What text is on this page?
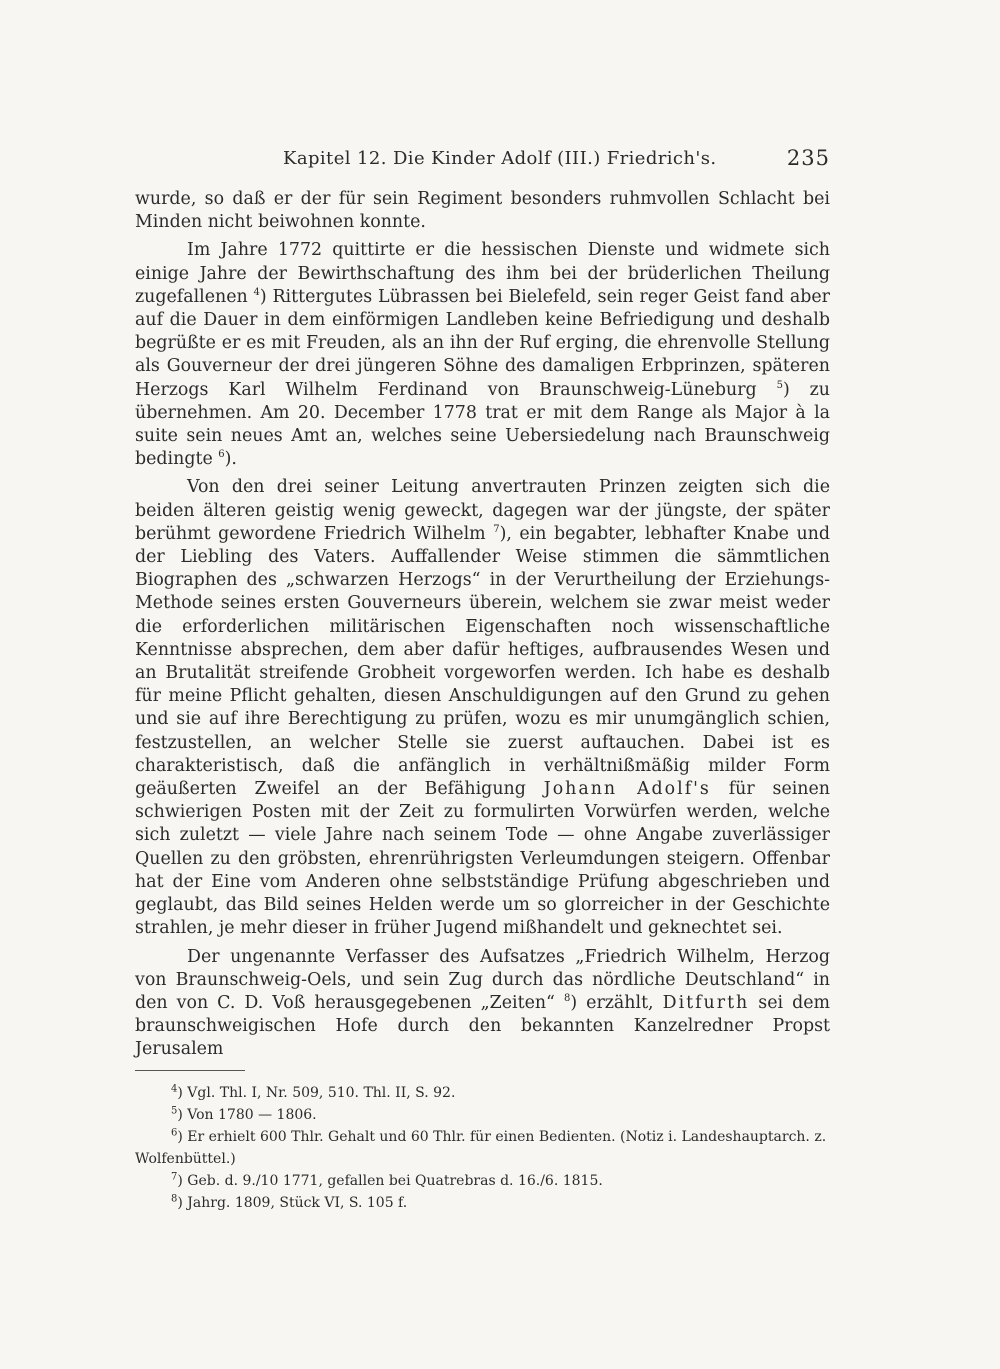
Kapitel 12. Die Kinder Adolf (III.) Friedrich's.	235

wurde, so daß er der für sein Regiment besonders ruhmvollen Schlacht bei Minden nicht beiwohnen konnte.

Im Jahre 1772 quittirte er die hessischen Dienste und widmete sich einige Jahre der Bewirthschaftung des ihm bei der brüderlichen Theilung zugefallenen $^4$) Rittergutes Lübrassen bei Bielefeld, sein reger Geist fand aber auf die Dauer in dem einförmigen Landleben keine Befriedigung und deshalb begrüßte er es mit Freuden, als an ihn der Ruf erging, die ehrenvolle Stellung als Gouverneur der drei jüngeren Söhne des damaligen Erbprinzen, späteren Herzogs Karl Wilhelm Ferdinand von Braunschweig-Lüneburg $^5$) zu übernehmen. Am 20. December 1778 trat er mit dem Range als Major à la suite sein neues Amt an, welches seine Uebersiedelung nach Braunschweig bedingte $^6$).

Von den drei seiner Leitung anvertrauten Prinzen zeigten sich die beiden älteren geistig wenig geweckt, dagegen war der jüngste, der später berühmt gewordene Friedrich Wilhelm $^7$), ein begabter, lebhafter Knabe und der Liebling des Vaters. Auffallender Weise stimmen die sämmtlichen Biographen des „schwarzen Herzogs“ in der Verurtheilung der Erziehungs-Methode seines ersten Gouverneurs überein, welchem sie zwar meist weder die erforderlichen militärischen Eigenschaften noch wissenschaftliche Kenntnisse absprechen, dem aber dafür heftiges, aufbrausendes Wesen und an Brutalität streifende Grobheit vorgeworfen werden. Ich habe es deshalb für meine Pflicht gehalten, diesen Anschuldigungen auf den Grund zu gehen und sie auf ihre Berechtigung zu prüfen, wozu es mir unumgänglich schien, festzustellen, an welcher Stelle sie zuerst auftauchen. Dabei ist es charakteristisch, daß die anfänglich in verhältnißmäßig milder Form geäußerten Zweifel an der Befähigung Johann Adolf's für seinen schwierigen Posten mit der Zeit zu formulirten Vorwürfen werden, welche sich zuletzt — viele Jahre nach seinem Tode — ohne Angabe zuverlässiger Quellen zu den gröbsten, ehrenrührigsten Verleumdungen steigern. Offenbar hat der Eine vom Anderen ohne selbstständige Prüfung abgeschrieben und geglaubt, das Bild seines Helden werde um so glorreicher in der Geschichte strahlen, je mehr dieser in früher Jugend mißhandelt und geknechtet sei.

Der ungenannte Verfasser des Aufsatzes „Friedrich Wilhelm, Herzog von Braunschweig-Oels, und sein Zug durch das nördliche Deutschland“ in den von C. D. Voß herausgegebenen „Zeiten“ $^8$) erzählt, Ditfurth sei dem braunschweigischen Hofe durch den bekannten Kanzelredner Propst Jerusalem

$^4$) Vgl. Thl. I, Nr. 509, 510. Thl. II, S. 92.

$^5$) Von 1780 — 1806.

$^6$) Er erhielt 600 Thlr. Gehalt und 60 Thlr. für einen Bedienten. (Notiz i. Landeshauptarch. z. Wolfenbüttel.)

$^7$) Geb. d. 9./10 1771, gefallen bei Quatrebras d. 16./6. 1815.

$^8$) Jahrg. 1809, Stück VI, S. 105 f.
